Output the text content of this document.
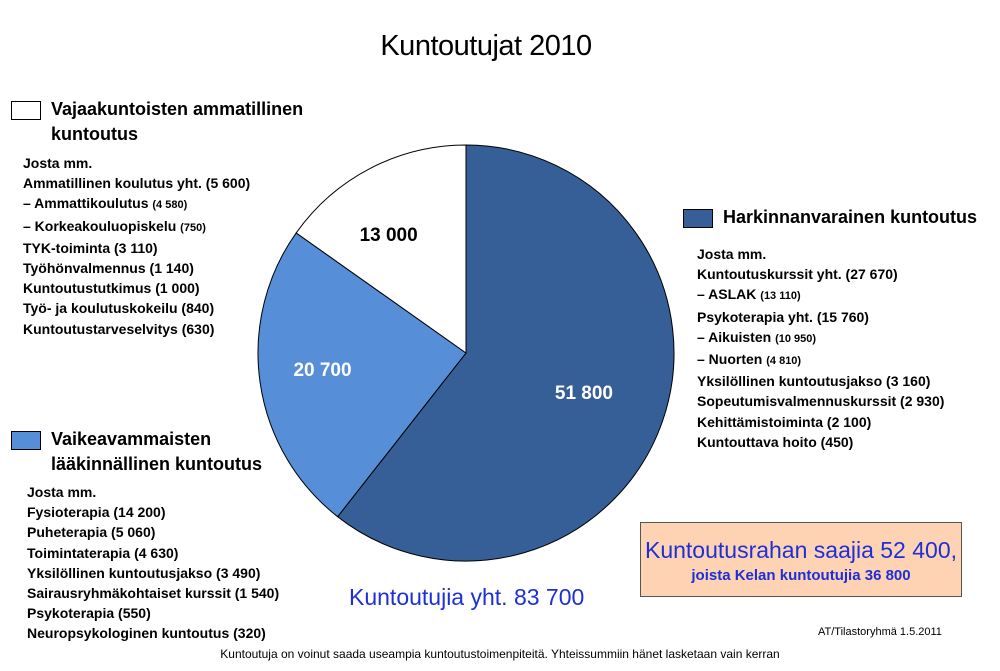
Kuntoutujat 2010
51 800
20 700
13 000
Vajaakuntoisten ammatillinen kuntoutus
Josta mm.
Ammatillinen koulutus yht. (5 600)
– Ammattikoulutus (4 580)
– Korkeakouluopiskelu (750)
TYK-toiminta (3 110)
Työhönvalmennus (1 140)
Kuntoutustutkimus (1 000)
Työ- ja koulutuskokeilu (840)
Kuntoutustarveselvitys (630)
Vaikeavammaisten lääkinnällinen kuntoutus
Josta mm.
Fysioterapia (14 200)
Puheterapia (5 060)
Toimintaterapia (4 630)
Yksilöllinen kuntoutusjakso (3 490)
Sairausryhmäkohtaiset kurssit (1 540)
Psykoterapia (550)
Neuropsykologinen kuntoutus (320)
Harkinnanvarainen kuntoutus
Josta mm.
Kuntoutuskurssit yht. (27 670)
– ASLAK (13 110)
Psykoterapia yht. (15 760)
– Aikuisten (10 950)
– Nuorten (4 810)
Yksilöllinen kuntoutusjakso (3 160)
Sopeutumisvalmennuskurssit (2 930)
Kehittämistoiminta (2 100)
Kuntouttava hoito (450)
Kuntoutujia yht. 83 700
Kuntoutusrahan saajia 52 400,
joista Kelan kuntoutujia 36 800
AT/Tilastoryhmä 1.5.2011
Kuntoutuja on voinut saada useampia kuntoutustoimenpiteitä. Yhteissummiin hänet lasketaan vain kerran
